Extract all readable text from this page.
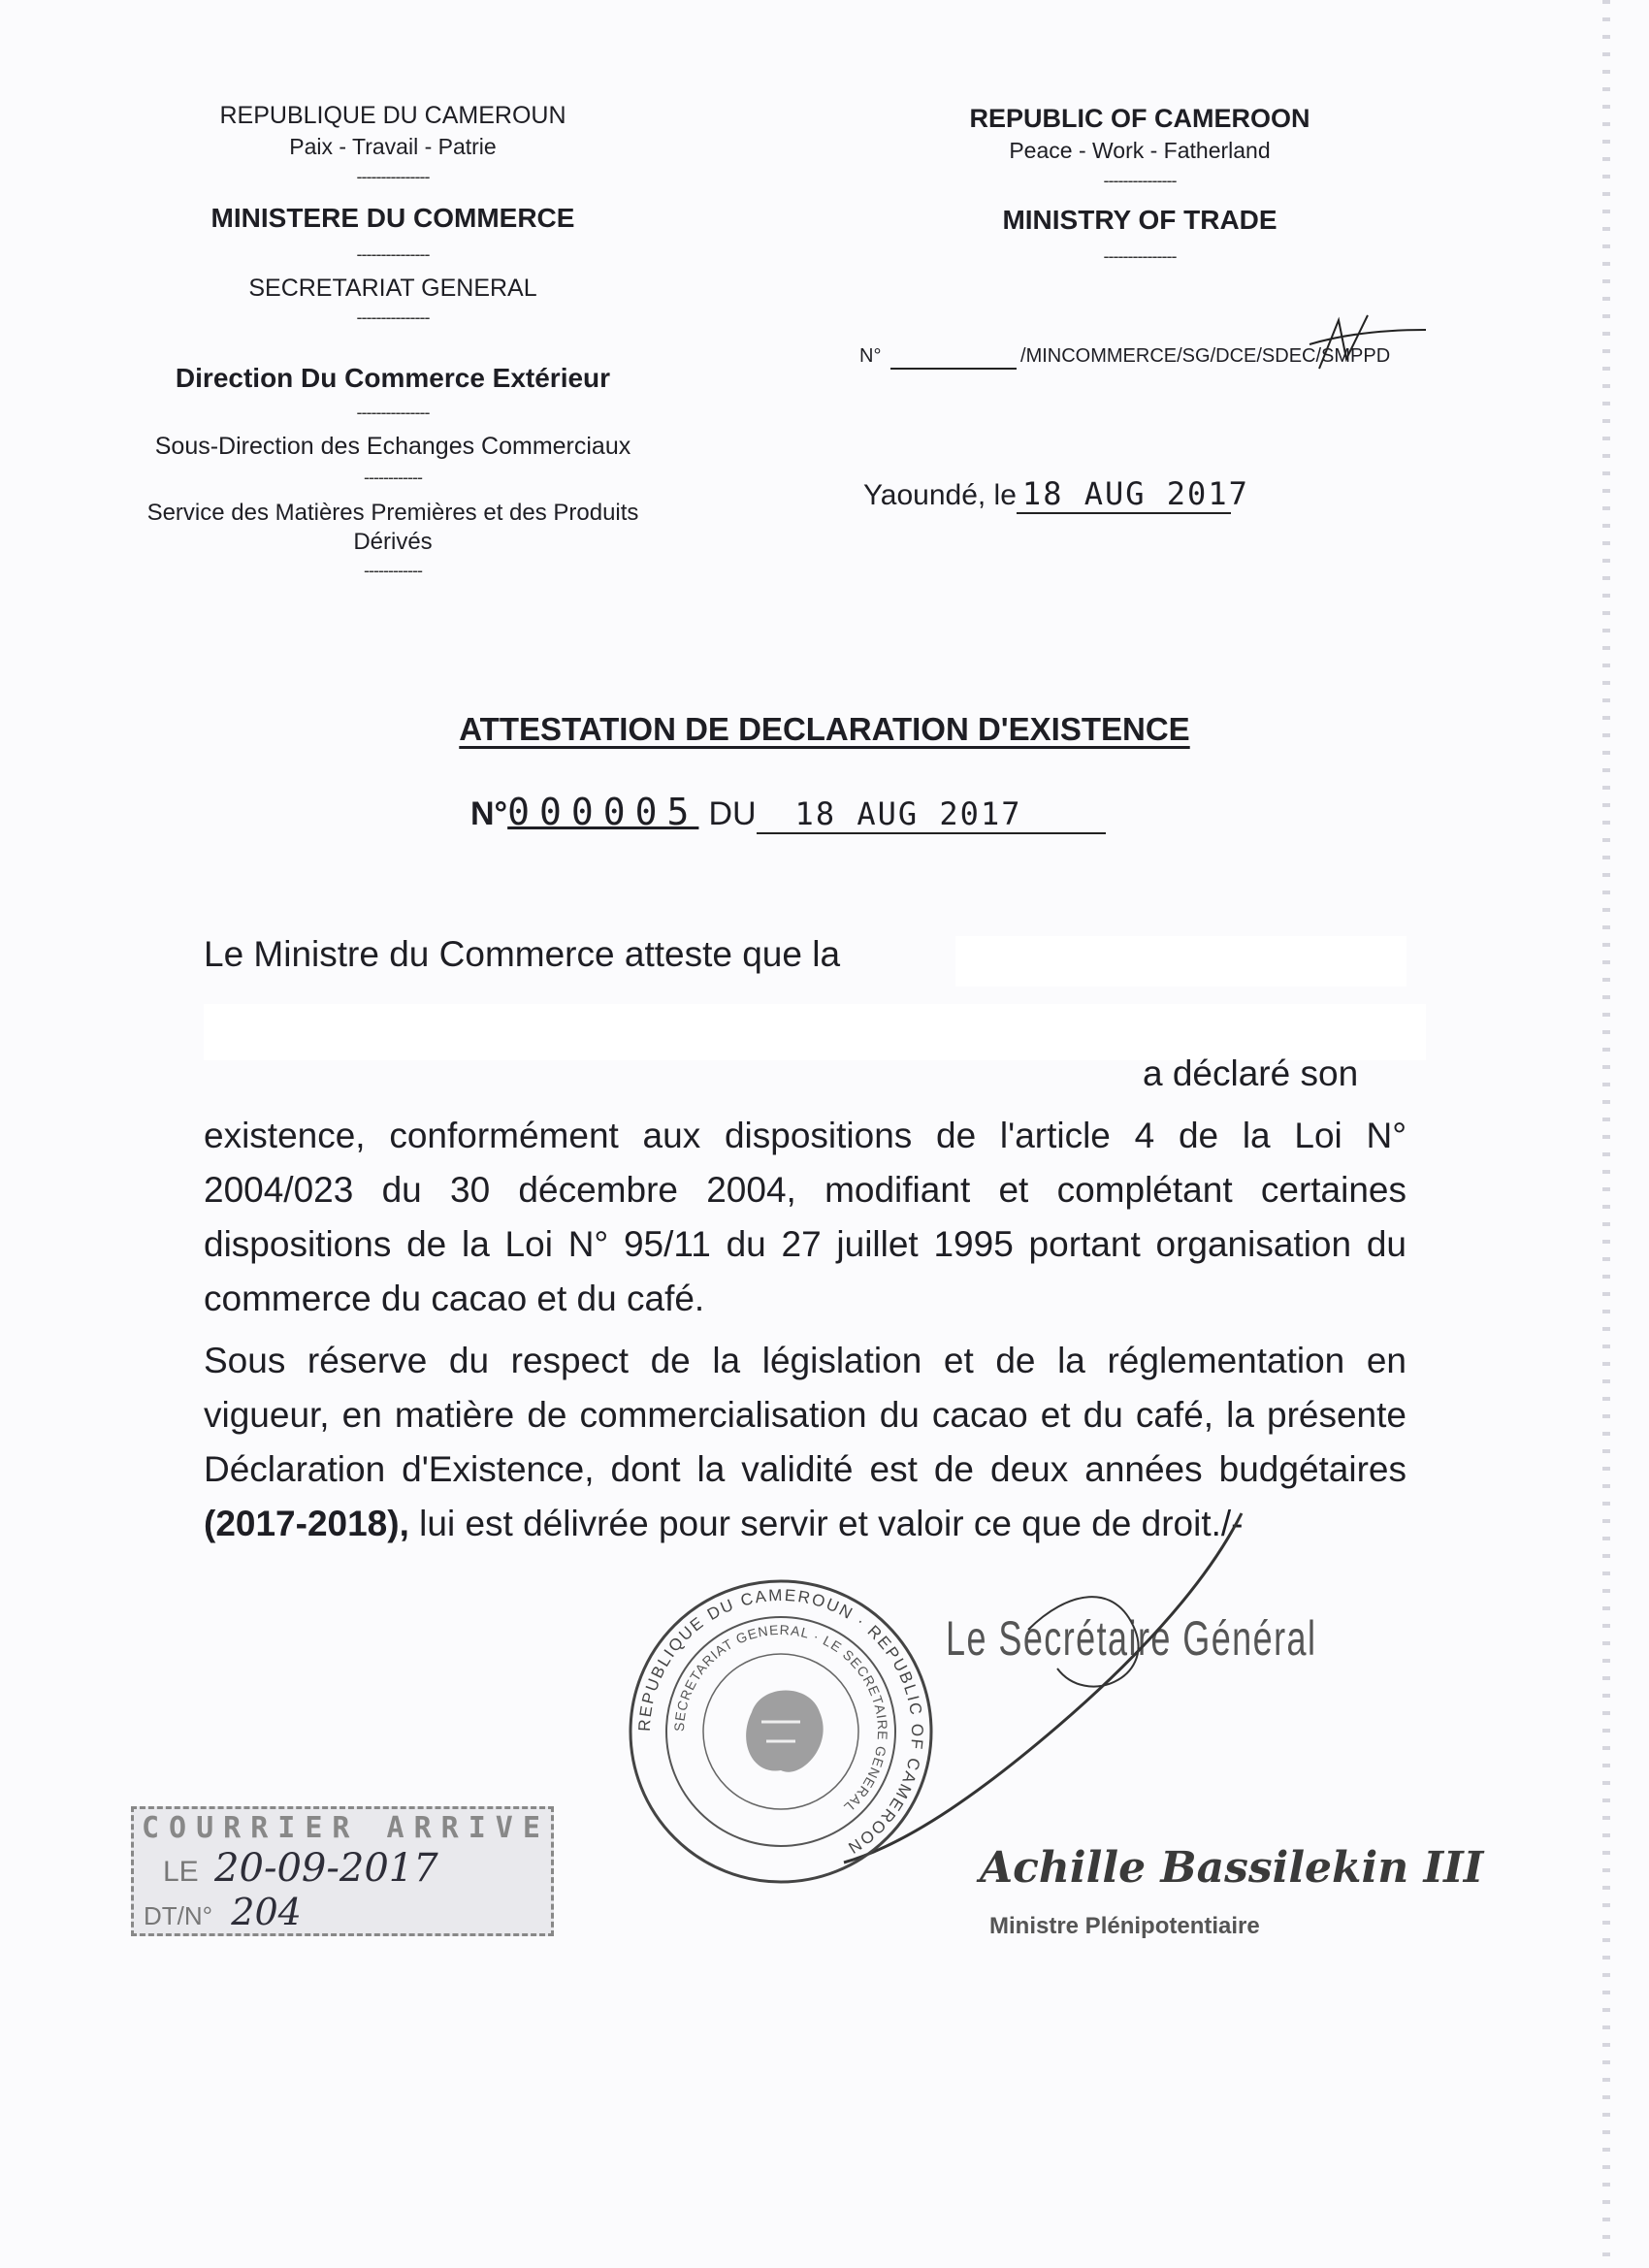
REPUBLIQUE DU CAMEROUN
Paix - Travail - Patrie
---------------
MINISTERE DU COMMERCE
---------------
SECRETARIAT GENERAL
---------------
Direction Du Commerce Extérieur
---------------
Sous-Direction des Echanges Commerciaux
------------
Service des Matières Premières et des Produits
Dérivés
------------
REPUBLIC OF CAMEROON
Peace - Work - Fatherland
---------------
MINISTRY OF TRADE
---------------
N°	/MINCOMMERCE/SG/DCE/SDEC/SMPPD
Yaoundé, le 18 AUG 2017
ATTESTATION DE DECLARATION D'EXISTENCE
N°000005 DU 18 AUG 2017
Le Ministre du Commerce atteste que la
a déclaré son
existence, conformément aux dispositions de l'article 4 de la Loi N° 2004/023 du 30 décembre 2004, modifiant et complétant certaines dispositions de la Loi N° 95/11 du 27 juillet 1995 portant organisation du commerce du cacao et du café.
Sous réserve du respect de la législation et de la réglementation en vigueur, en matière de commercialisation du cacao et du café, la présente Déclaration d'Existence, dont la validité est de deux années budgétaires (2017-2018), lui est délivrée pour servir et valoir ce que de droit./-
Le Secrétaire Général
Achille Bassilekin III
Ministre Plénipotentiaire
REPUBLIQUE DU CAMEROUN · REPUBLIC OF CAMEROON
SECRETARIAT GENERAL · LE SECRETAIRE GENERAL
COURRIER ARRIVE
LE 20-09-2017
DT/N° 204
